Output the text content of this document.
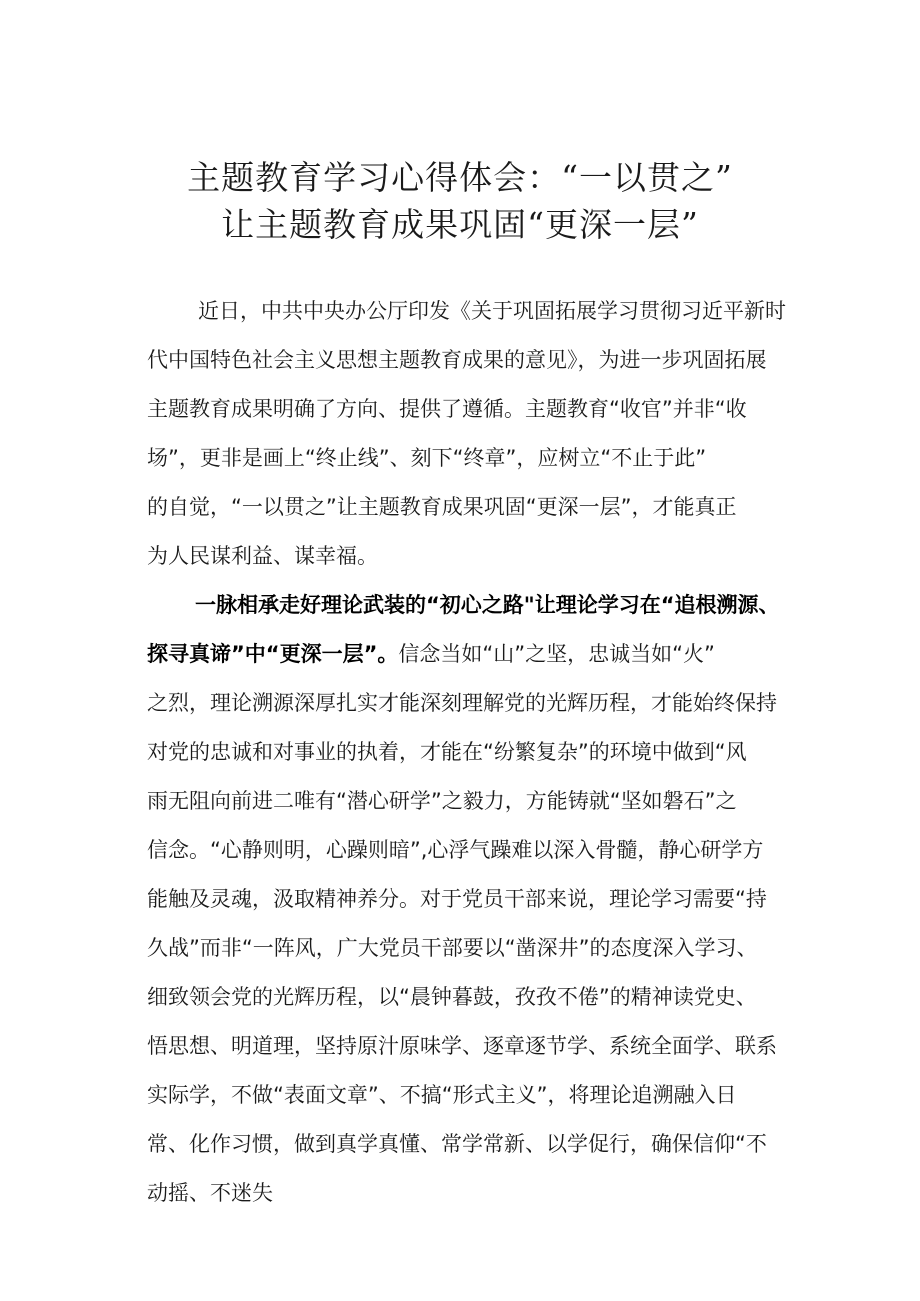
主题教育学习心得体会：“一以贯之”
让主题教育成果巩固“更深一层”
近日，中共中央办公厅印发《关于巩固拓展学习贯彻习近平新时
代中国特色社会主义思想主题教育成果的意见》，为进一步巩固拓展
主题教育成果明确了方向、提供了遵循。主题教育“收官”并非“收
场”，更非是画上“终止线”、刻下“终章”，应树立“不止于此”
的自觉，“一以贯之”让主题教育成果巩固“更深一层”，才能真正
为人民谋利益、谋幸福。
一脉相承走好理论武装的“初心之路"让理论学习在“追根溯源、
探寻真谛”中“更深一层”。信念当如“山”之坚，忠诚当如“火”
之烈，理论溯源深厚扎实才能深刻理解党的光辉历程，才能始终保持
对党的忠诚和对事业的执着，才能在“纷繁复杂”的环境中做到“风
雨无阻向前进二唯有“潜心研学”之毅力，方能铸就“坚如磐石”之
信念。“心静则明，心躁则暗”,心浮气躁难以深入骨髓，静心研学方
能触及灵魂，汲取精神养分。对于党员干部来说，理论学习需要“持
久战”而非“一阵风，广大党员干部要以“凿深井”的态度深入学习、
细致领会党的光辉历程，以“晨钟暮鼓，孜孜不倦”的精神读党史、
悟思想、明道理，坚持原汁原味学、逐章逐节学、系统全面学、联系
实际学，不做“表面文章”、不搞“形式主义”，将理论追溯融入日
常、化作习惯，做到真学真懂、常学常新、以学促行，确保信仰“不
动摇、不迷失
